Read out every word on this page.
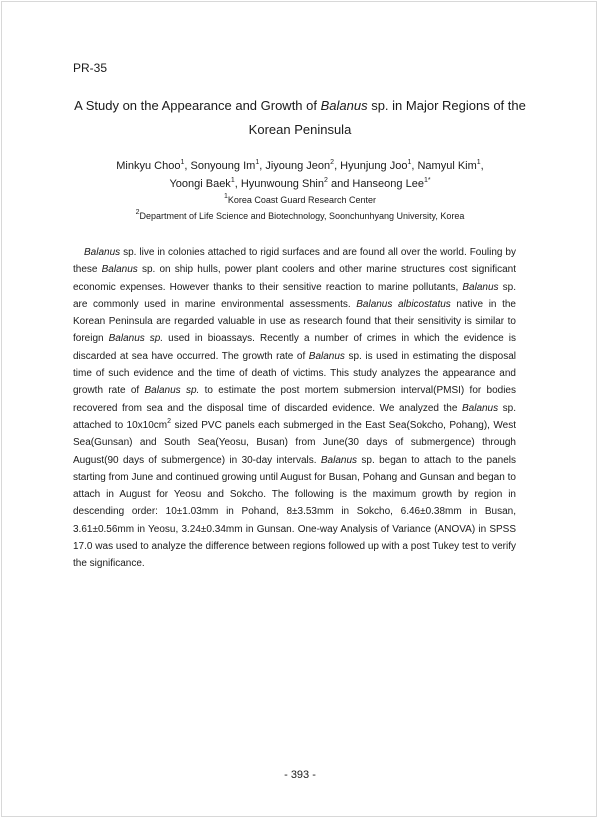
PR-35
A Study on the Appearance and Growth of Balanus sp. in Major Regions of the
Korean Peninsula
Minkyu Choo$^1$, Sonyoung Im$^1$, Jiyoung Jeon$^2$, Hyunjung Joo$^1$, Namyul Kim$^1$,
Yoongi Baek$^1$, Hyunwoung Shin$^2$ and Hanseong Lee$^{1*}$
$^1$Korea Coast Guard Research Center
$^2$Department of Life Science and Biotechnology, Soonchunhyang University, Korea

Balanus sp. live in colonies attached to rigid surfaces and are found all over the world. Fouling by these Balanus sp. on ship hulls, power plant coolers and other marine structures cost significant economic expenses. However thanks to their sensitive reaction to marine pollutants, Balanus sp. are commonly used in marine environmental assessments. Balanus albicostatus native in the Korean Peninsula are regarded valuable in use as research found that their sensitivity is similar to foreign Balanus sp. used in bioassays. Recently a number of crimes in which the evidence is discarded at sea have occurred. The growth rate of Balanus sp. is used in estimating the disposal time of such evidence and the time of death of victims. This study analyzes the appearance and growth rate of Balanus sp. to estimate the post mortem submersion interval(PMSI) for bodies recovered from sea and the disposal time of discarded evidence. We analyzed the Balanus sp. attached to $10x10cm^2$ sized PVC panels each submerged in the East Sea(Sokcho, Pohang), West Sea(Gunsan) and South Sea(Yeosu, Busan) from June(30 days of submergence) through August(90 days of submergence) in 30-day intervals. Balanus sp. began to attach to the panels starting from June and continued growing until August for Busan, Pohang and Gunsan and began to attach in August for Yeosu and Sokcho. The following is the maximum growth by region in descending order: 10±1.03mm in Pohand, 8±3.53mm in Sokcho, 6.46±0.38mm in Busan, 3.61±0.56mm in Yeosu, 3.24±0.34mm in Gunsan. One-way Analysis of Variance (ANOVA) in SPSS 17.0 was used to analyze the difference between regions followed up with a post Tukey test to verify the significance.

- 393 -
